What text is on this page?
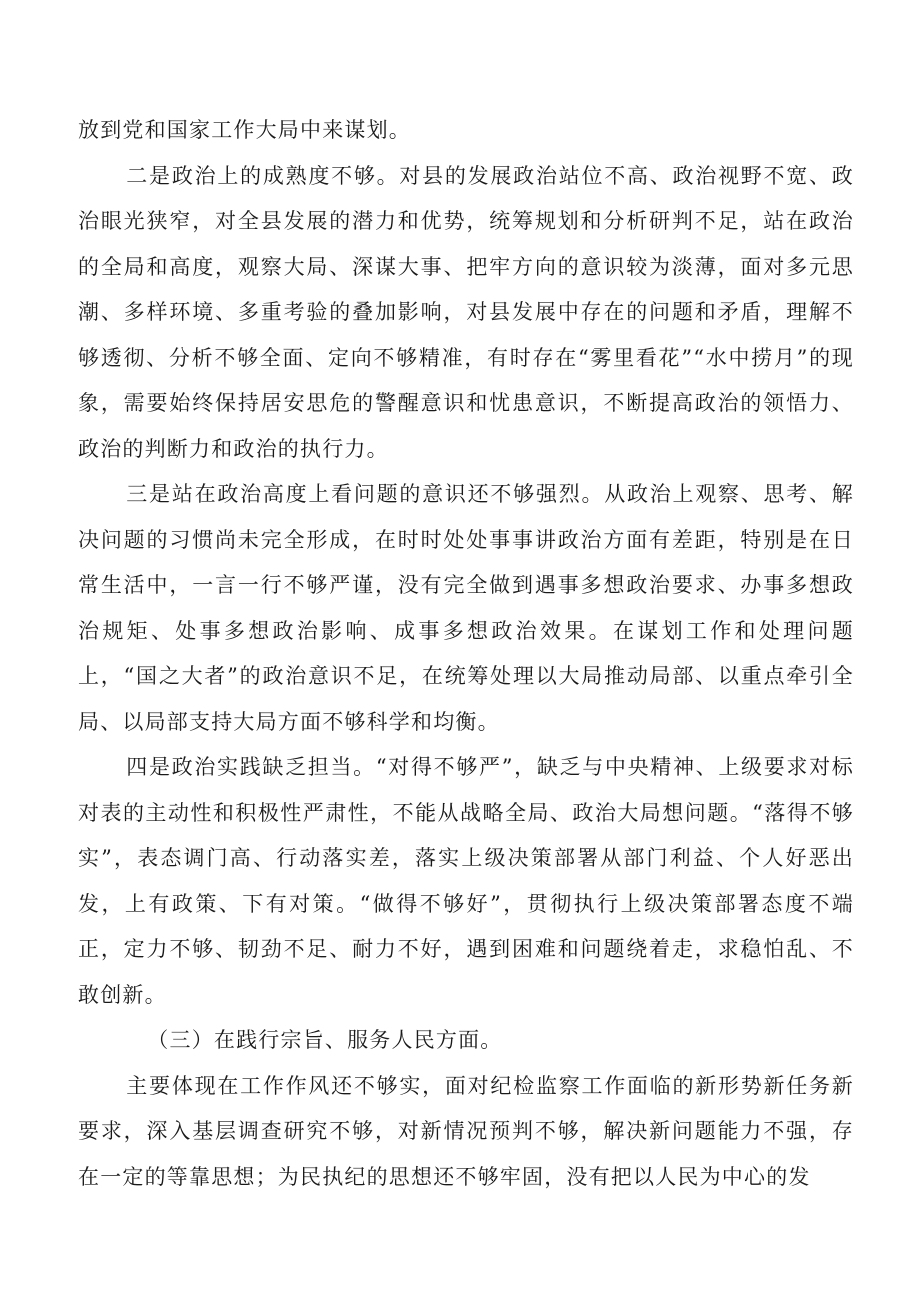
放到党和国家工作大局中来谋划。

二是政治上的成熟度不够。对县的发展政治站位不高、政治视野不宽、政治眼光狭窄，对全县发展的潜力和优势，统筹规划和分析研判不足，站在政治的全局和高度，观察大局、深谋大事、把牢方向的意识较为淡薄，面对多元思潮、多样环境、多重考验的叠加影响，对县发展中存在的问题和矛盾，理解不够透彻、分析不够全面、定向不够精准，有时存在“雾里看花”“水中捞月”的现象，需要始终保持居安思危的警醒意识和忧患意识，不断提高政治的领悟力、政治的判断力和政治的执行力。

三是站在政治高度上看问题的意识还不够强烈。从政治上观察、思考、解决问题的习惯尚未完全形成，在时时处处事事讲政治方面有差距，特别是在日常生活中，一言一行不够严谨，没有完全做到遇事多想政治要求、办事多想政治规矩、处事多想政治影响、成事多想政治效果。在谋划工作和处理问题上，“国之大者”的政治意识不足，在统筹处理以大局推动局部、以重点牵引全局、以局部支持大局方面不够科学和均衡。

四是政治实践缺乏担当。“对得不够严”，缺乏与中央精神、上级要求对标对表的主动性和积极性严肃性，不能从战略全局、政治大局想问题。“落得不够实”，表态调门高、行动落实差，落实上级决策部署从部门利益、个人好恶出发，上有政策、下有对策。“做得不够好”，贯彻执行上级决策部署态度不端正，定力不够、韧劲不足、耐力不好，遇到困难和问题绕着走，求稳怕乱、不敢创新。

（三）在践行宗旨、服务人民方面。

主要体现在工作作风还不够实，面对纪检监察工作面临的新形势新任务新要求，深入基层调查研究不够，对新情况预判不够，解决新问题能力不强，存在一定的等靠思想；为民执纪的思想还不够牢固，没有把以人民为中心的发
